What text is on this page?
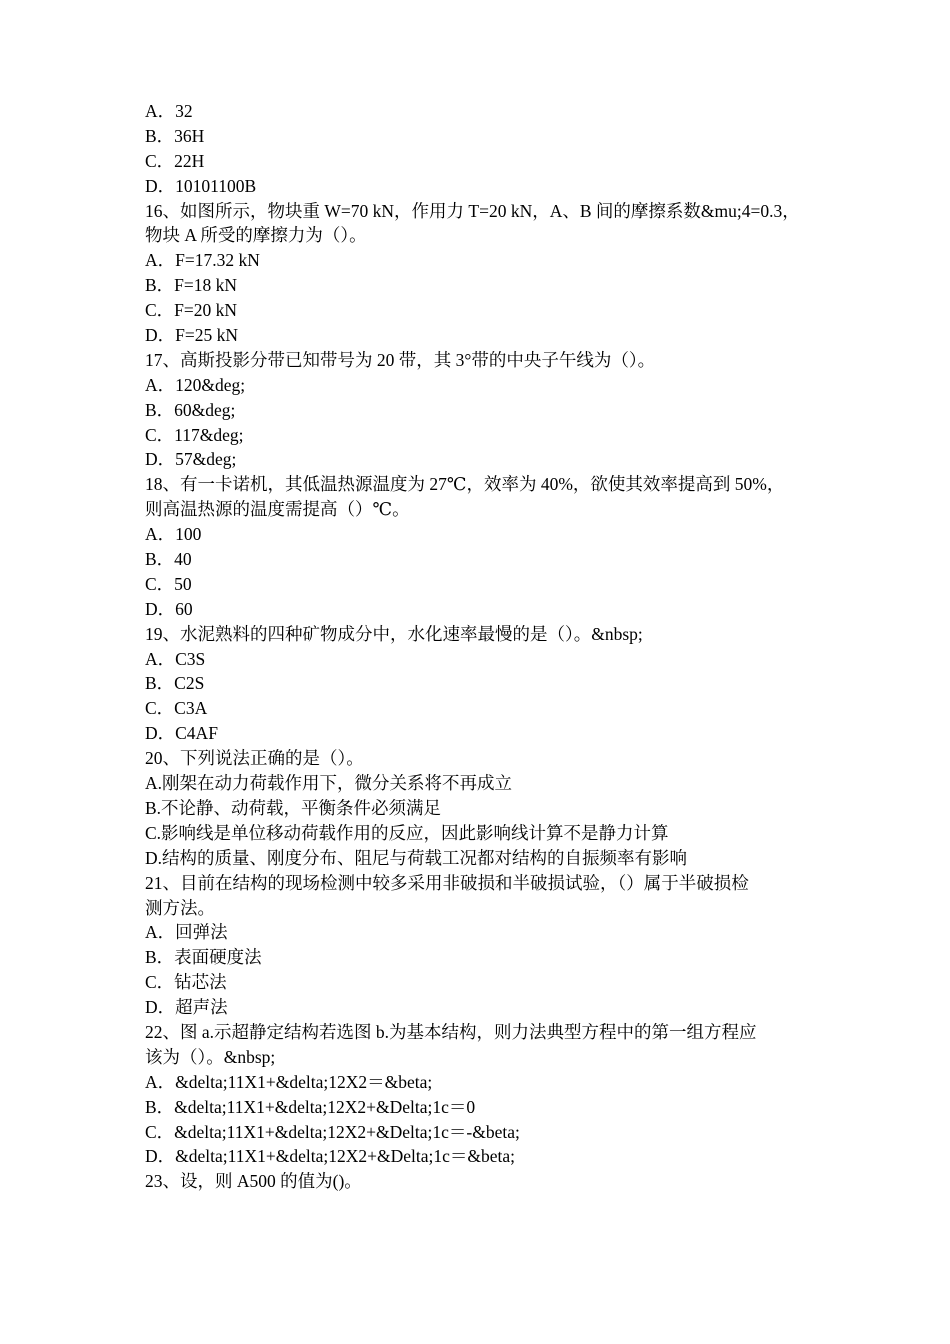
A．32
B．36H
C．22H
D．10101100B
16、如图所示，物块重 W=70 kN，作用力 T=20 kN，A、B 间的摩擦系数&mu;4=0.3，
物块 A 所受的摩擦力为（）。
A．F=17.32 kN
B．F=18 kN
C．F=20 kN
D．F=25 kN
17、高斯投影分带已知带号为 20 带，其 3°带的中央子午线为（）。
A．120&deg;
B．60&deg;
C．117&deg;
D．57&deg;
18、有一卡诺机，其低温热源温度为 27℃，效率为 40%，欲使其效率提高到 50%，
则高温热源的温度需提高（）℃。
A．100
B．40
C．50
D．60
19、水泥熟料的四种矿物成分中，水化速率最慢的是（）。&nbsp;
A．C3S
B．C2S
C．C3A
D．C4AF
20、下列说法正确的是（）。
A.刚架在动力荷载作用下，微分关系将不再成立
B.不论静、动荷载，平衡条件必须满足
C.影响线是单位移动荷载作用的反应，因此影响线计算不是静力计算
D.结构的质量、刚度分布、阻尼与荷载工况都对结构的自振频率有影响
21、目前在结构的现场检测中较多采用非破损和半破损试验，（）属于半破损检
测方法。
A．回弹法
B．表面硬度法
C．钻芯法
D．超声法
22、图 a.示超静定结构若选图 b.为基本结构，则力法典型方程中的第一组方程应
该为（）。&nbsp;
A．&delta;11X1+&delta;12X2＝&beta;
B．&delta;11X1+&delta;12X2+&Delta;1c＝0
C．&delta;11X1+&delta;12X2+&Delta;1c＝-&beta;
D．&delta;11X1+&delta;12X2+&Delta;1c＝&beta;
23、设，则 A500 的值为()。
